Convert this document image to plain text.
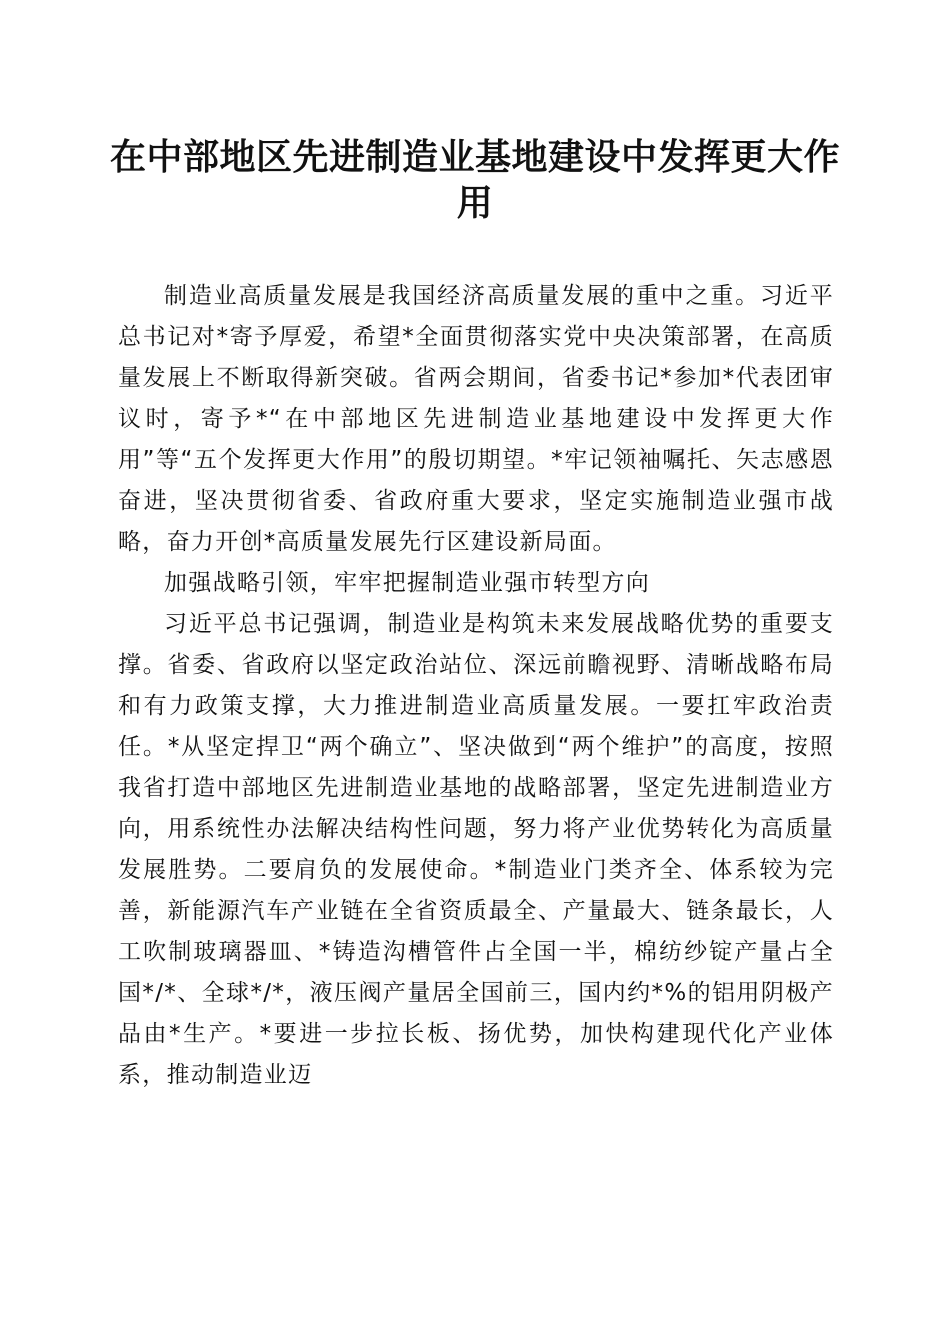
在中部地区先进制造业基地建设中发挥更大作用

制造业高质量发展是我国经济高质量发展的重中之重。习近平总书记对*寄予厚爱，希望*全面贯彻落实党中央决策部署，在高质量发展上不断取得新突破。省两会期间，省委书记*参加*代表团审议时，寄予*“在中部地区先进制造业基地建设中发挥更大作用”等“五个发挥更大作用”的殷切期望。*牢记领袖嘱托、矢志感恩奋进，坚决贯彻省委、省政府重大要求，坚定实施制造业强市战略，奋力开创*高质量发展先行区建设新局面。

加强战略引领，牢牢把握制造业强市转型方向

习近平总书记强调，制造业是构筑未来发展战略优势的重要支撑。省委、省政府以坚定政治站位、深远前瞻视野、清晰战略布局和有力政策支撑，大力推进制造业高质量发展。一要扛牢政治责任。*从坚定捍卫“两个确立”、坚决做到“两个维护”的高度，按照我省打造中部地区先进制造业基地的战略部署，坚定先进制造业方向，用系统性办法解决结构性问题，努力将产业优势转化为高质量发展胜势。二要肩负的发展使命。*制造业门类齐全、体系较为完善，新能源汽车产业链在全省资质最全、产量最大、链条最长，人工吹制玻璃器皿、*铸造沟槽管件占全国一半，棉纺纱锭产量占全国*/*、全球*/*，液压阀产量居全国前三，国内约*%的铝用阴极产品由*生产。*要进一步拉长板、扬优势，加快构建现代化产业体系，推动制造业迈
